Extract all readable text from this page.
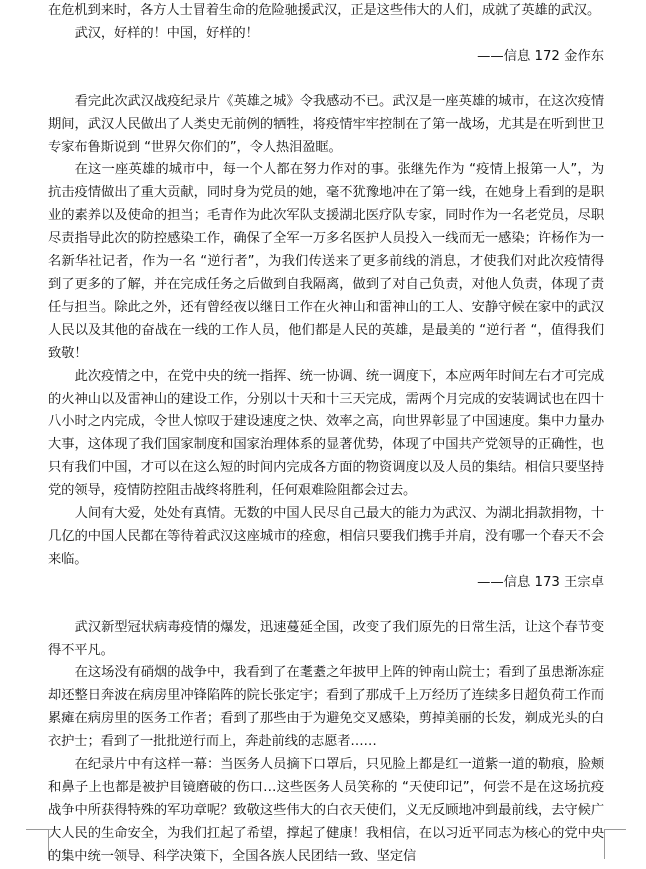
在危机到来时，各方人士冒着生命的危险驰援武汉，正是这些伟大的人们，成就了英雄的武汉。

武汉，好样的！中国，好样的！

——信息 172 金作东

看完此次武汉战疫纪录片《英雄之城》令我感动不已。武汉是一座英雄的城市，在这次疫情期间，武汉人民做出了人类史无前例的牺牲，将疫情牢牢控制在了第一战场，尤其是在听到世卫专家布鲁斯说到 “世界欠你们的”，令人热泪盈眶。

在这一座英雄的城市中，每一个人都在努力作对的事。张继先作为 “疫情上报第一人”，为抗击疫情做出了重大贡献，同时身为党员的她，毫不犹豫地冲在了第一线，在她身上看到的是职业的素养以及使命的担当；毛青作为此次军队支援湖北医疗队专家，同时作为一名老党员，尽职尽责指导此次的防控感染工作，确保了全军一万多名医护人员投入一线而无一感染；许杨作为一名新华社记者，作为一名 “逆行者”，为我们传送来了更多前线的消息，才使我们对此次疫情得到了更多的了解，并在完成任务之后做到自我隔离，做到了对自己负责，对他人负责，体现了责任与担当。除此之外，还有曾经夜以继日工作在火神山和雷神山的工人、安静守候在家中的武汉人民以及其他的奋战在一线的工作人员，他们都是人民的英雄，是最美的 “逆行者 “，值得我们致敬！

此次疫情之中，在党中央的统一指挥、统一协调、统一调度下，本应两年时间左右才可完成的火神山以及雷神山的建设工作，分别以十天和十三天完成，需两个月完成的安装调试也在四十八小时之内完成，令世人惊叹于建设速度之快、效率之高，向世界彰显了中国速度。集中力量办大事，这体现了我们国家制度和国家治理体系的显著优势，体现了中国共产党领导的正确性，也只有我们中国，才可以在这么短的时间内完成各方面的物资调度以及人员的集结。相信只要坚持党的领导，疫情防控阻击战终将胜利，任何艰难险阻都会过去。

人间有大爱，处处有真情。无数的中国人民尽自己最大的能力为武汉、为湖北捐款捐物，十几亿的中国人民都在等待着武汉这座城市的痊愈，相信只要我们携手并肩，没有哪一个春天不会来临。

——信息 173 王宗卓

武汉新型冠状病毒疫情的爆发，迅速蔓延全国，改变了我们原先的日常生活，让这个春节变得不平凡。

在这场没有硝烟的战争中，我看到了在耄耋之年披甲上阵的钟南山院士；看到了虽患渐冻症却还整日奔波在病房里冲锋陷阵的院长张定宇；看到了那成千上万经历了连续多日超负荷工作而累瘫在病房里的医务工作者；看到了那些由于为避免交叉感染，剪掉美丽的长发，剃成光头的白衣护士；看到了一批批逆行而上，奔赴前线的志愿者……

在纪录片中有这样一幕：当医务人员摘下口罩后，只见脸上都是红一道紫一道的勒痕，脸颊和鼻子上也都是被护目镜磨破的伤口…这些医务人员笑称的 “天使印记”，何尝不是在这场抗疫战争中所获得特殊的军功章呢？致敬这些伟大的白衣天使们，义无反顾地冲到最前线，去守候广大人民的生命安全，为我们扛起了希望，撑起了健康！我相信，在以习近平同志为核心的党中央的集中统一领导、科学决策下，全国各族人民团结一致、坚定信
